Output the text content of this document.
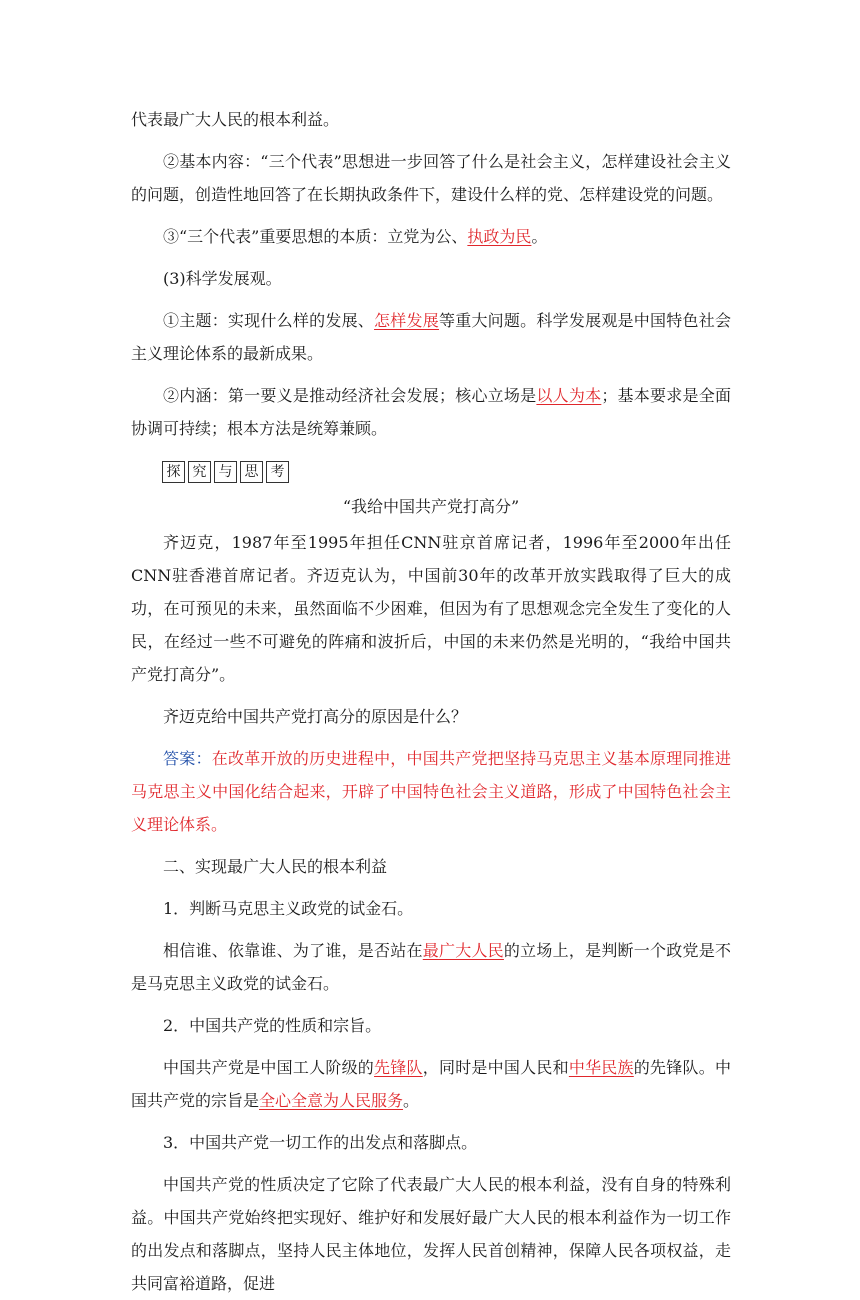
代表最广大人民的根本利益。

②基本内容：“三个代表”思想进一步回答了什么是社会主义，怎样建设社会主义的问题，创造性地回答了在长期执政条件下，建设什么样的党、怎样建设党的问题。

③“三个代表”重要思想的本质：立党为公、执政为民。

(3)科学发展观。

①主题：实现什么样的发展、怎样发展等重大问题。科学发展观是中国特色社会主义理论体系的最新成果。

②内涵：第一要义是推动经济社会发展；核心立场是以人为本；基本要求是全面协调可持续；根本方法是统筹兼顾。

探 究 与 思 考

“我给中国共产党打高分”

齐迈克，1987年至1995年担任CNN驻京首席记者，1996年至2000年出任CNN驻香港首席记者。齐迈克认为，中国前30年的改革开放实践取得了巨大的成功，在可预见的未来，虽然面临不少困难，但因为有了思想观念完全发生了变化的人民，在经过一些不可避免的阵痛和波折后，中国的未来仍然是光明的，“我给中国共产党打高分”。

齐迈克给中国共产党打高分的原因是什么？

答案：在改革开放的历史进程中，中国共产党把坚持马克思主义基本原理同推进马克思主义中国化结合起来，开辟了中国特色社会主义道路，形成了中国特色社会主义理论体系。

二、实现最广大人民的根本利益

1．判断马克思主义政党的试金石。

相信谁、依靠谁、为了谁，是否站在最广大人民的立场上，是判断一个政党是不是马克思主义政党的试金石。

2．中国共产党的性质和宗旨。

中国共产党是中国工人阶级的先锋队，同时是中国人民和中华民族的先锋队。中国共产党的宗旨是全心全意为人民服务。

3．中国共产党一切工作的出发点和落脚点。

中国共产党的性质决定了它除了代表最广大人民的根本利益，没有自身的特殊利益。中国共产党始终把实现好、维护好和发展好最广大人民的根本利益作为一切工作的出发点和落脚点，坚持人民主体地位，发挥人民首创精神，保障人民各项权益，走共同富裕道路，促进
